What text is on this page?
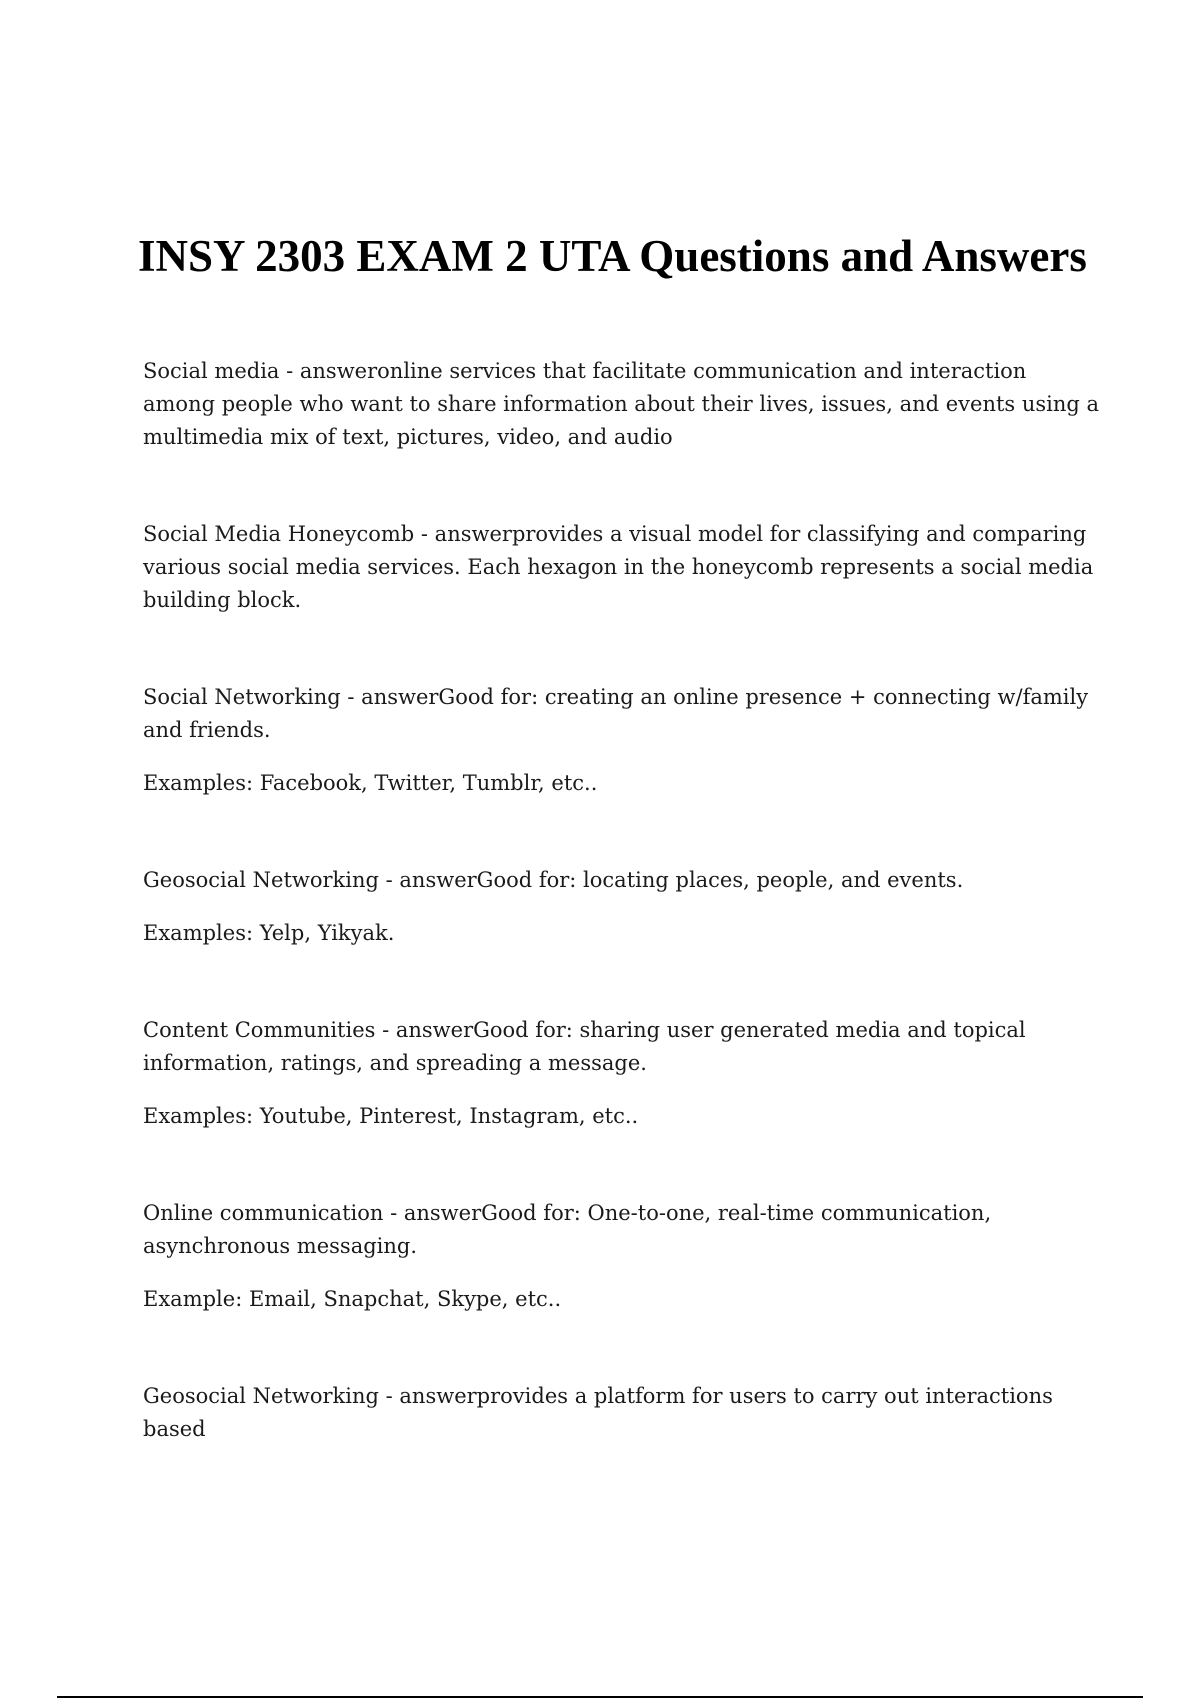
INSY 2303 EXAM 2 UTA Questions and Answers

Social media - answeronline services that facilitate communication and interaction among people who want to share information about their lives, issues, and events using a multimedia mix of text, pictures, video, and audio

Social Media Honeycomb - answerprovides a visual model for classifying and comparing various social media services. Each hexagon in the honeycomb represents a social media building block.

Social Networking - answerGood for: creating an online presence + connecting w/family and friends.

Examples: Facebook, Twitter, Tumblr, etc..

Geosocial Networking - answerGood for: locating places, people, and events.

Examples: Yelp, Yikyak.

Content Communities - answerGood for: sharing user generated media and topical information, ratings, and spreading a message.

Examples: Youtube, Pinterest, Instagram, etc..

Online communication - answerGood for: One-to-one, real-time communication, asynchronous messaging.

Example: Email, Snapchat, Skype, etc..

Geosocial Networking - answerprovides a platform for users to carry out interactions based
